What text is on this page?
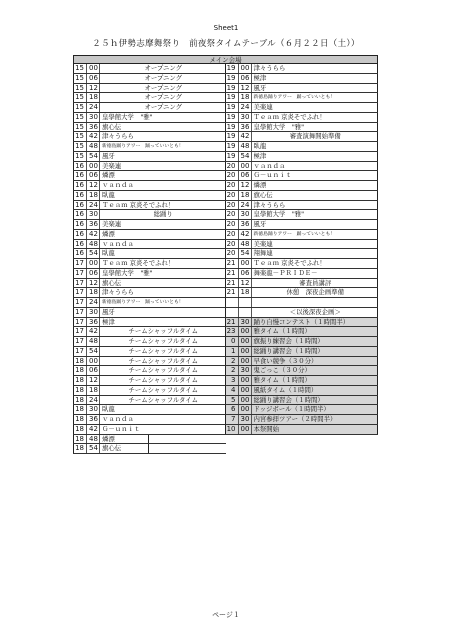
Sheet1
２５ｈ伊勢志摩舞祭り　前夜祭タイムテーブル（６月２２日（土））
メイン会場
15 00	オープニング	19 00 津々うらら
15 06	オープニング	19 06 極津
15 12	オープニング	19 12 風牙
15 18	オープニング	19 18 新徳島踊りアワー　踊っていいとも！
15 24	オープニング	19 24 美楽連
15 30 皇學館大学　"雅"	19 30 Ｔｅａｍ 京炎そでふれ！
15 36 旗心伝	19 36 皇學館大学　"雅"
15 42 津々うらら	19 42	審査演舞開始準備
15 48 新徳島踊りアワー　踊っていいとも！	19 48 臥龍
15 54 風牙	19 54 極津
16 00 美楽連	20 00 ｖａｎｄａ
16 06 燐漂	20 06 Ｇ－ｕｎｉｔ
16 12 ｖａｎｄａ	20 12 燐漂
16 18 臥龍	20 18 旗心伝
16 24 Ｔｅａｍ 京炎そでふれ！	20 24 津々うらら
16 30	総踊り	20 30 皇學館大学　"雅"
16 36 美楽連	20 36 風牙
16 42 燐漂	20 42 新徳島踊りアワー　踊っていいとも！
16 48 ｖａｎｄａ	20 48 美楽連
16 54 臥龍	20 54 翔舞連
17 00 Ｔｅａｍ 京炎そでふれ！	21 00 Ｔｅａｍ 京炎そでふれ！
17 06 皇學館大学　"雅"	21 06 舞楽龍－ＰＲＩＤＥ－
17 12 旗心伝	21 12	審査員講評
17 18 津々うらら	21 18	休憩　深夜企画準備
17 24 新徳島踊りアワー　踊っていいとも！
17 30 風牙	＜以後深夜企画＞
17 36 極津	21 30 踊り自慢コンテスト（１時間半）
17 42	チームシャッフルタイム	23 00 雅タイム（１時間）
17 48	チームシャッフルタイム	0 00 旗振り練習会（１時間）
17 54	チームシャッフルタイム	1 00 総踊り講習会（１時間）
18 00	チームシャッフルタイム	2 00 早食い競争（３０分）
18 06	チームシャッフルタイム	2 30 鬼ごっこ（３０分）
18 12	チームシャッフルタイム	3 00 雅タイム（１時間）
18 18	チームシャッフルタイム	4 00 風紙タイム（１時間）
18 24	チームシャッフルタイム	5 00 総踊り講習会（１時間）
18 30 臥龍	6 00 ドッジボール（１時間半）
18 36 ｖａｎｄａ	7 30 内宮参拝ツアー（２時間半）
18 42 Ｇ－ｕｎｉｔ	10 00 本祭開始
18 48 燐漂
18 54 旗心伝
ページ１
